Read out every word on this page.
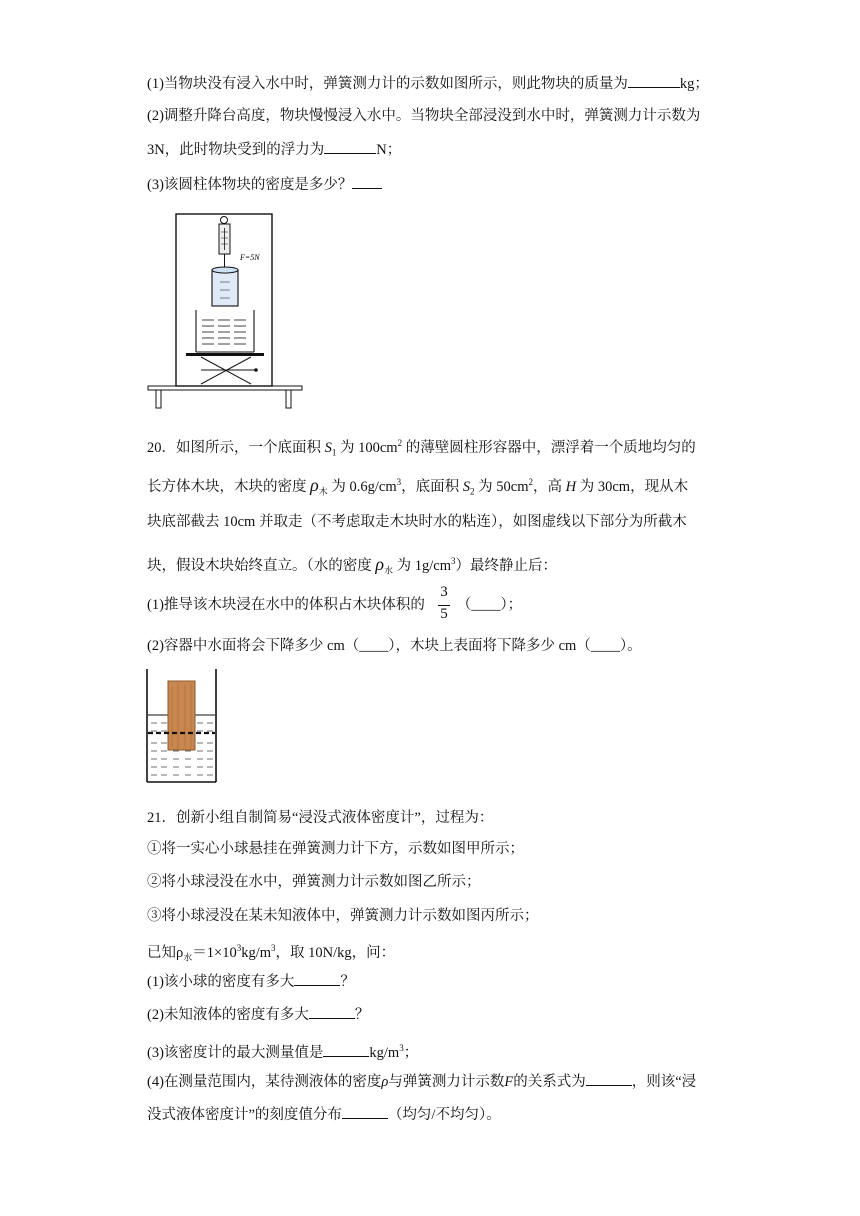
(1)当物块没有浸入水中时，弹簧测力计的示数如图所示，则此物块的质量为	kg；
(2)调整升降台高度，物块慢慢浸入水中。当物块全部浸没到水中时，弹簧测力计示数为
3N，此时物块受到的浮力为	N；
(3)该圆柱体物块的密度是多少？
F=5N
20．如图所示，一个底面积 $S_1$ 为 $100cm^2$ 的薄壁圆柱形容器中，漂浮着一个质地均匀的
长方体木块，木块的密度 $\rho_木$ 为 $0.6g/cm^3$，底面积 $S_2$ 为 $50cm^2$，高 H 为 30cm，现从木
块底部截去 10cm 并取走（不考虑取走木块时水的粘连），如图虚线以下部分为所截木
块，假设木块始终直立。（水的密度 $\rho_水$ 为 $1g/cm^3$）最终静止后：
(1)推导该木块浸在水中的体积占木块体积的 （____）；
3
5
(2)容器中水面将会下降多少 cm（____），木块上表面将下降多少 cm（____）。
21．创新小组自制简易“浸没式液体密度计”，过程为：
①将一实心小球悬挂在弹簧测力计下方，示数如图甲所示；
②将小球浸没在水中，弹簧测力计示数如图乙所示；
③将小球浸没在某未知液体中，弹簧测力计示数如图丙所示；
已知$\rho_水=1\times 10^3kg/m^3$，取 10N/kg，问：
(1)该小球的密度有多大	？
(2)未知液体的密度有多大	？
(3)该密度计的最大测量值是	$kg/m^3$；
(4)在测量范围内，某待测液体的密度ρ与弹簧测力计示数F的关系式为	，则该“浸
没式液体密度计”的刻度值分布	（均匀/不均匀）。
